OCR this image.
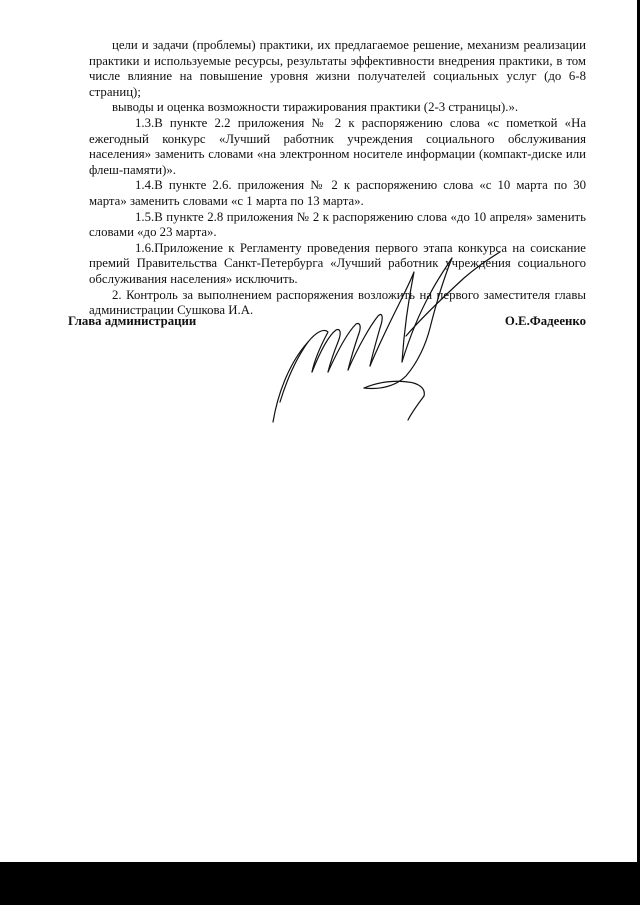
цели и задачи (проблемы) практики, их предлагаемое решение, механизм реализации практики и используемые ресурсы, результаты эффективности внедрения практики, в том числе влияние на повышение уровня жизни получателей социальных услуг (до 6-8 страниц);

выводы и оценка возможности тиражирования практики (2-3 страницы).».

1.3.В пункте 2.2 приложения № 2 к распоряжению слова «с пометкой «На ежегодный конкурс «Лучший работник учреждения социального обслуживания населения» заменить словами «на электронном носителе информации (компакт-диске или флеш-памяти)».

1.4.В пункте 2.6. приложения № 2 к распоряжению слова «с 10 марта по 30 марта» заменить словами «с 1 марта по 13 марта».

1.5.В пункте 2.8 приложения № 2 к распоряжению слова «до 10 апреля» заменить словами «до 23 марта».

1.6.Приложение к Регламенту проведения первого этапа конкурса на соискание премий Правительства Санкт-Петербурга «Лучший работник учреждения социального обслуживания населения» исключить.

2. Контроль за выполнением распоряжения возложить на первого заместителя главы администрации Сушкова И.А.

Глава администрации	О.Е.Фадеенко
